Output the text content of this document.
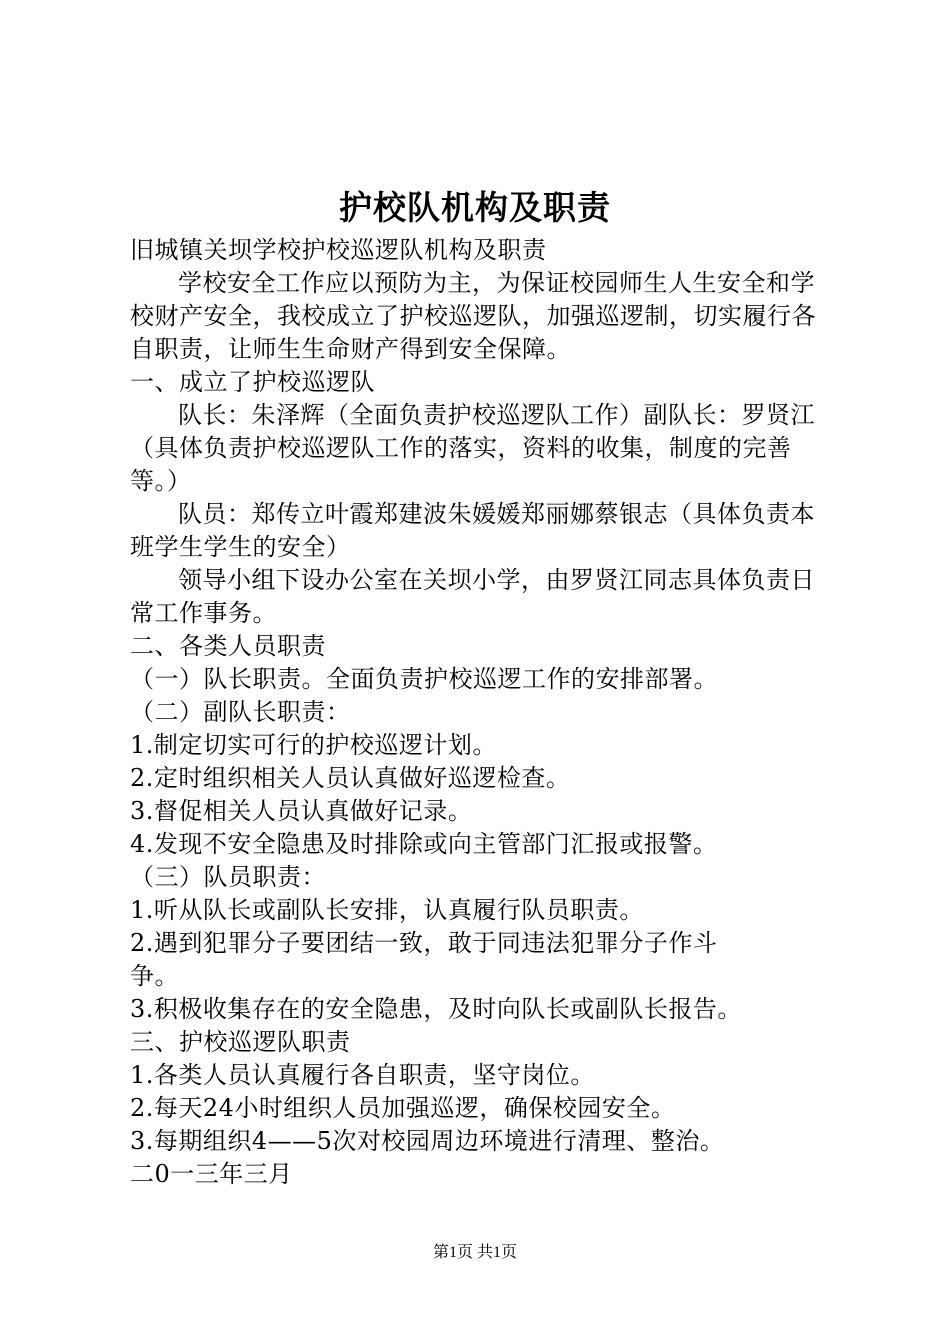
护校队机构及职责

旧城镇关坝学校护校巡逻队机构及职责

学校安全工作应以预防为主，为保证校园师生人生安全和学校财产安全，我校成立了护校巡逻队，加强巡逻制，切实履行各自职责，让师生生命财产得到安全保障。

一、成立了护校巡逻队

队长：朱泽辉（全面负责护校巡逻队工作）副队长：罗贤江（具体负责护校巡逻队工作的落实，资料的收集，制度的完善等。）

队员：郑传立叶霞郑建波朱媛媛郑丽娜蔡银志（具体负责本班学生学生的安全）

领导小组下设办公室在关坝小学，由罗贤江同志具体负责日常工作事务。

二、各类人员职责

（一）队长职责。全面负责护校巡逻工作的安排部署。

（二）副队长职责：

1.制定切实可行的护校巡逻计划。

2.定时组织相关人员认真做好巡逻检查。

3.督促相关人员认真做好记录。

4.发现不安全隐患及时排除或向主管部门汇报或报警。

（三）队员职责：

1.听从队长或副队长安排，认真履行队员职责。

2.遇到犯罪分子要团结一致，敢于同违法犯罪分子作斗争。

3.积极收集存在的安全隐患，及时向队长或副队长报告。

三、护校巡逻队职责

1.各类人员认真履行各自职责，坚守岗位。

2.每天24小时组织人员加强巡逻，确保校园安全。

3.每期组织4——5次对校园周边环境进行清理、整治。

二0一三年三月

第1页 共1页
